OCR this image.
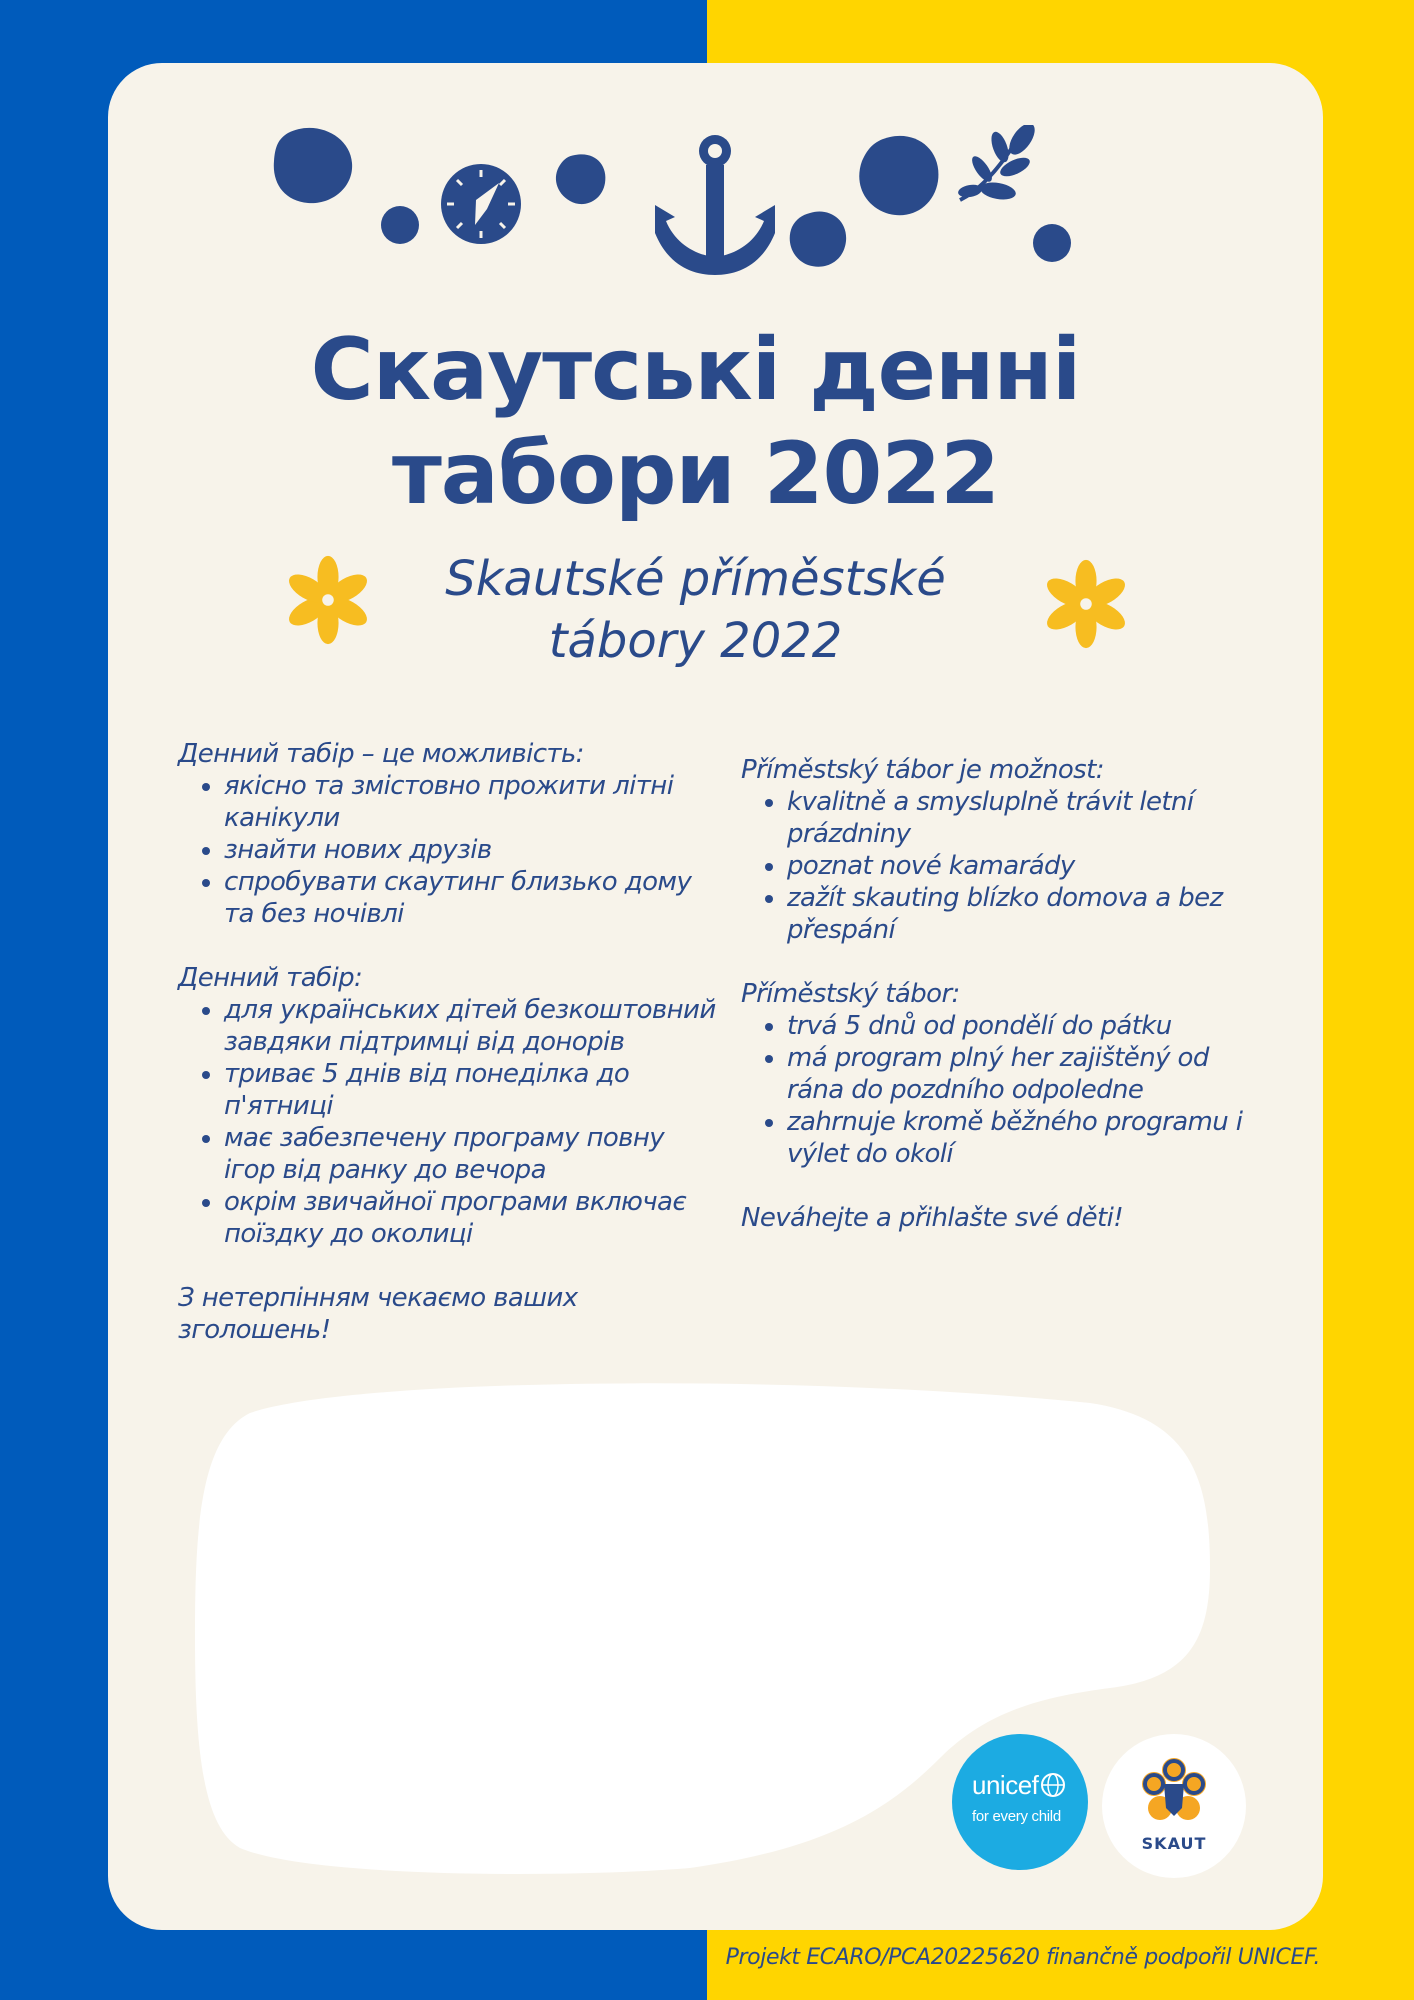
Скаутські денні
табори 2022
Skautské příměstské
tábory 2022

Денний табір – це можливість:

• якісно та змістовно прожити літні канікули
• знайти нових друзів
• спробувати скаутинг близько дому та без ночівлі

Денний табір:

• для українських дітей безкоштовний завдяки підтримці від донорів
• триває 5 днів від понеділка до п'ятниці
• має забезпечену програму повну ігор від ранку до вечора
• окрім звичайної програми включає поїздку до околиці

З нетерпінням чекаємо ваших зголошень!

Příměstský tábor je možnost:

• kvalitně a smysluplně trávit letní prázdniny
• poznat nové kamarády
• zažít skauting blízko domova a bez přespání

Příměstský tábor:

• trvá 5 dnů od pondělí do pátku
• má program plný her zajištěný od rána do pozdního odpoledne
• zahrnuje kromě běžného programu i výlet do okolí

Neváhejte a přihlašte své děti!

unicef
for every child
SKAUT
Projekt ECARO/PCA20225620 finančně podpořil UNICEF.
